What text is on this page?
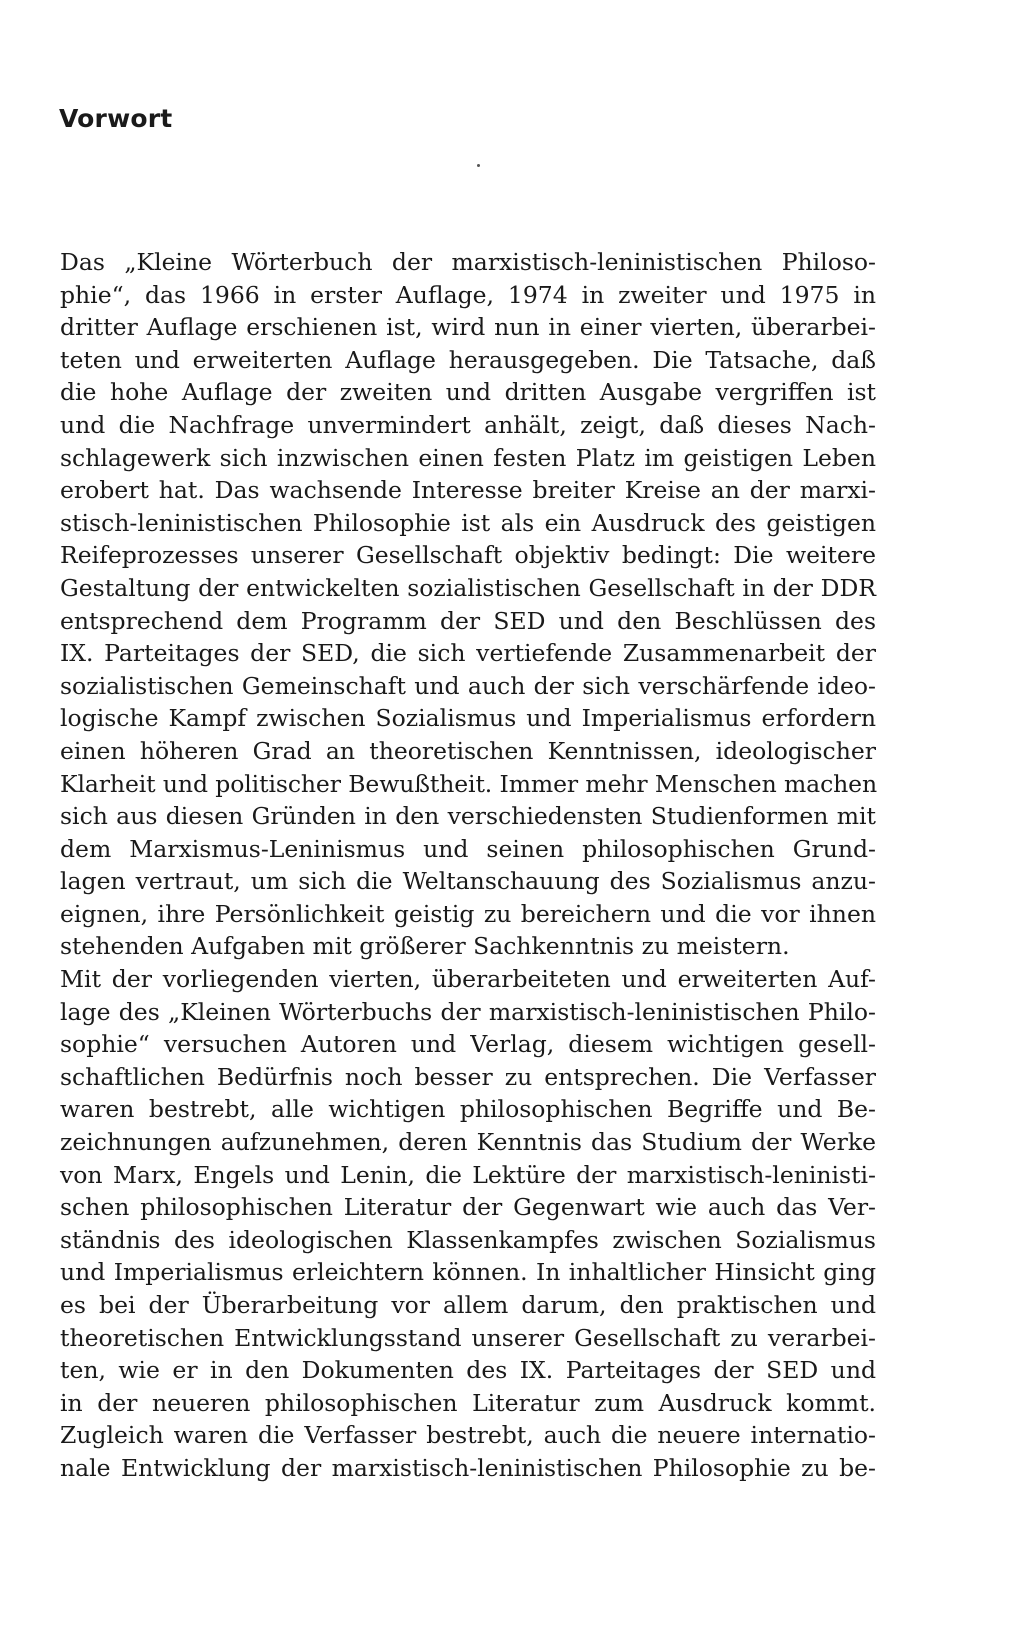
Vorwort
Das „Kleine Wörterbuch der marxistisch-leninistischen Philoso-
phie“, das 1966 in erster Auflage, 1974 in zweiter und 1975 in
dritter Auflage erschienen ist, wird nun in einer vierten, überarbei-
teten und erweiterten Auflage herausgegeben. Die Tatsache, daß
die hohe Auflage der zweiten und dritten Ausgabe vergriffen ist
und die Nachfrage unvermindert anhält, zeigt, daß dieses Nach-
schlagewerk sich inzwischen einen festen Platz im geistigen Leben
erobert hat. Das wachsende Interesse breiter Kreise an der marxi-
stisch-leninistischen Philosophie ist als ein Ausdruck des geistigen
Reifeprozesses unserer Gesellschaft objektiv bedingt: Die weitere
Gestaltung der entwickelten sozialistischen Gesellschaft in der DDR
entsprechend dem Programm der SED und den Beschlüssen des
IX. Parteitages der SED, die sich vertiefende Zusammenarbeit der
sozialistischen Gemeinschaft und auch der sich verschärfende ideo-
logische Kampf zwischen Sozialismus und Imperialismus erfordern
einen höheren Grad an theoretischen Kenntnissen, ideologischer
Klarheit und politischer Bewußtheit. Immer mehr Menschen machen
sich aus diesen Gründen in den verschiedensten Studienformen mit
dem Marxismus-Leninismus und seinen philosophischen Grund-
lagen vertraut, um sich die Weltanschauung des Sozialismus anzu-
eignen, ihre Persönlichkeit geistig zu bereichern und die vor ihnen
stehenden Aufgaben mit größerer Sachkenntnis zu meistern.
Mit der vorliegenden vierten, überarbeiteten und erweiterten Auf-
lage des „Kleinen Wörterbuchs der marxistisch-leninistischen Philo-
sophie“ versuchen Autoren und Verlag, diesem wichtigen gesell-
schaftlichen Bedürfnis noch besser zu entsprechen. Die Verfasser
waren bestrebt, alle wichtigen philosophischen Begriffe und Be-
zeichnungen aufzunehmen, deren Kenntnis das Studium der Werke
von Marx, Engels und Lenin, die Lektüre der marxistisch-leninisti-
schen philosophischen Literatur der Gegenwart wie auch das Ver-
ständnis des ideologischen Klassenkampfes zwischen Sozialismus
und Imperialismus erleichtern können. In inhaltlicher Hinsicht ging
es bei der Überarbeitung vor allem darum, den praktischen und
theoretischen Entwicklungsstand unserer Gesellschaft zu verarbei-
ten, wie er in den Dokumenten des IX. Parteitages der SED und
in der neueren philosophischen Literatur zum Ausdruck kommt.
Zugleich waren die Verfasser bestrebt, auch die neuere internatio-
nale Entwicklung der marxistisch-leninistischen Philosophie zu be-
